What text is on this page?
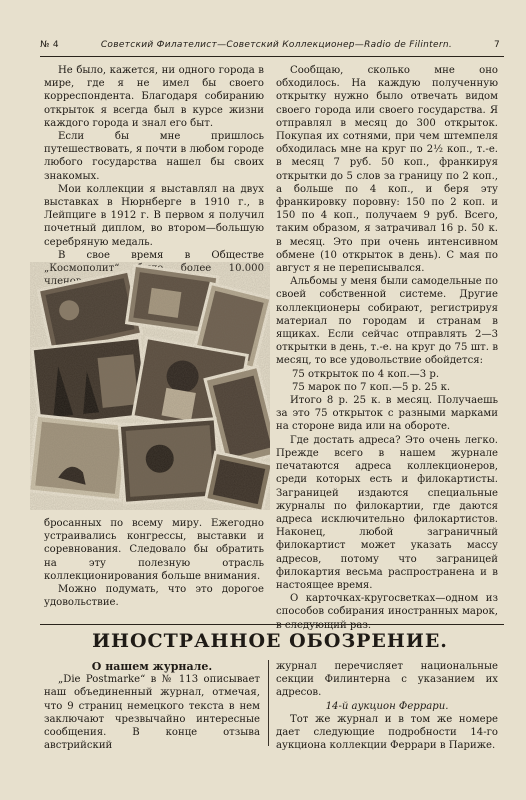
№ 4	Советский Филателист—Советский Коллекционер—Radio de Filintern.	7

Не было, кажется, ни одного города в мире, где я не имел бы своего корреспондента. Благодаря собиранию открыток я всегда был в курсе жизни каждого города и знал его быт.

Если бы мне пришлось путешествовать, я почти в любом городе любого государства нашел бы своих знакомых.

Мои коллекции я выставлял на двух выставках в Нюрнберге в 1910 г., в Лейпциге в 1912 г. В первом я получил почетный диплом, во втором—большую серебряную медаль.

В свое время в Обществе

бросанных по всему миру. Ежегодно устраивались конгрессы, выставки и соревнования. Следовало бы обратить на эту полезную отрасль коллекционирования больше внимания.

Можно подумать, что это дорогое удовольствие.

Сообщаю, сколько мне оно обходилось. На каждую полученную открытку нужно было отвечать видом своего города или своего государства. Я отправлял в месяц до 300 открыток. Покупая их сотнями, при чем штемпеля обходилась мне на круг по 2½ коп., т.-е. в месяц 7 руб. 50 коп., франкируя открытки до 5 слов за границу по 2 коп., а больше по 4 коп., и беря эту франкировку поровну: 150 по 2 коп. и 150 по 4 коп., получаем 9 руб. Всего, таким образом, я затрачивал 16 р. 50 к. в месяц. Это при очень интенсивном обмене (10 открыток в день). С мая по август я не переписывался.

Альбомы у меня были самодельные по своей собственной системе. Другие коллекционеры собирают, регистрируя материал по городам и странам в ящиках. Если сейчас отправлять 2—3 открытки в день, т.-е. на круг до 75 шт. в месяц, то все удовольствие обойдется:

75 открыток по 4 коп.—3 р.
75 марок по 7 коп.—5 р. 25 к.

Итого 8 р. 25 к. в месяц. Получаешь за это 75 открыток с разными марками на стороне вида или на обороте.

Где достать адреса? Это очень легко. Прежде всего в нашем журнале печатаются адреса коллекционеров, среди которых есть и филокартисты. Заграницей издаются специальные журналы по филокартии, где даются адреса исключительно филокартистов. Наконец, любой заграничный филокартист может указать массу адресов, потому что заграницей филокартия весьма распространена и в настоящее время.

О карточках-кругосветках—одном из способов собирания иностранных марок, в следующий раз.

ИНОСТРАННОЕ ОБОЗРЕНИЕ.

О нашем журнале.

„Die Postmarke“ в № 113 описывает наш объединенный журнал, отмечая, что 9 страниц немецкого текста в нем заключают чрезвычайно интересные сообщения. В конце отзыва австрийский

журнал перечисляет национальные секции Филинтерна с указанием их адресов.

14-й аукцион Феррари.

Тот же журнал и в том же номере дает следующие подробности 14-го аукциона коллекции Феррари в Париже.
